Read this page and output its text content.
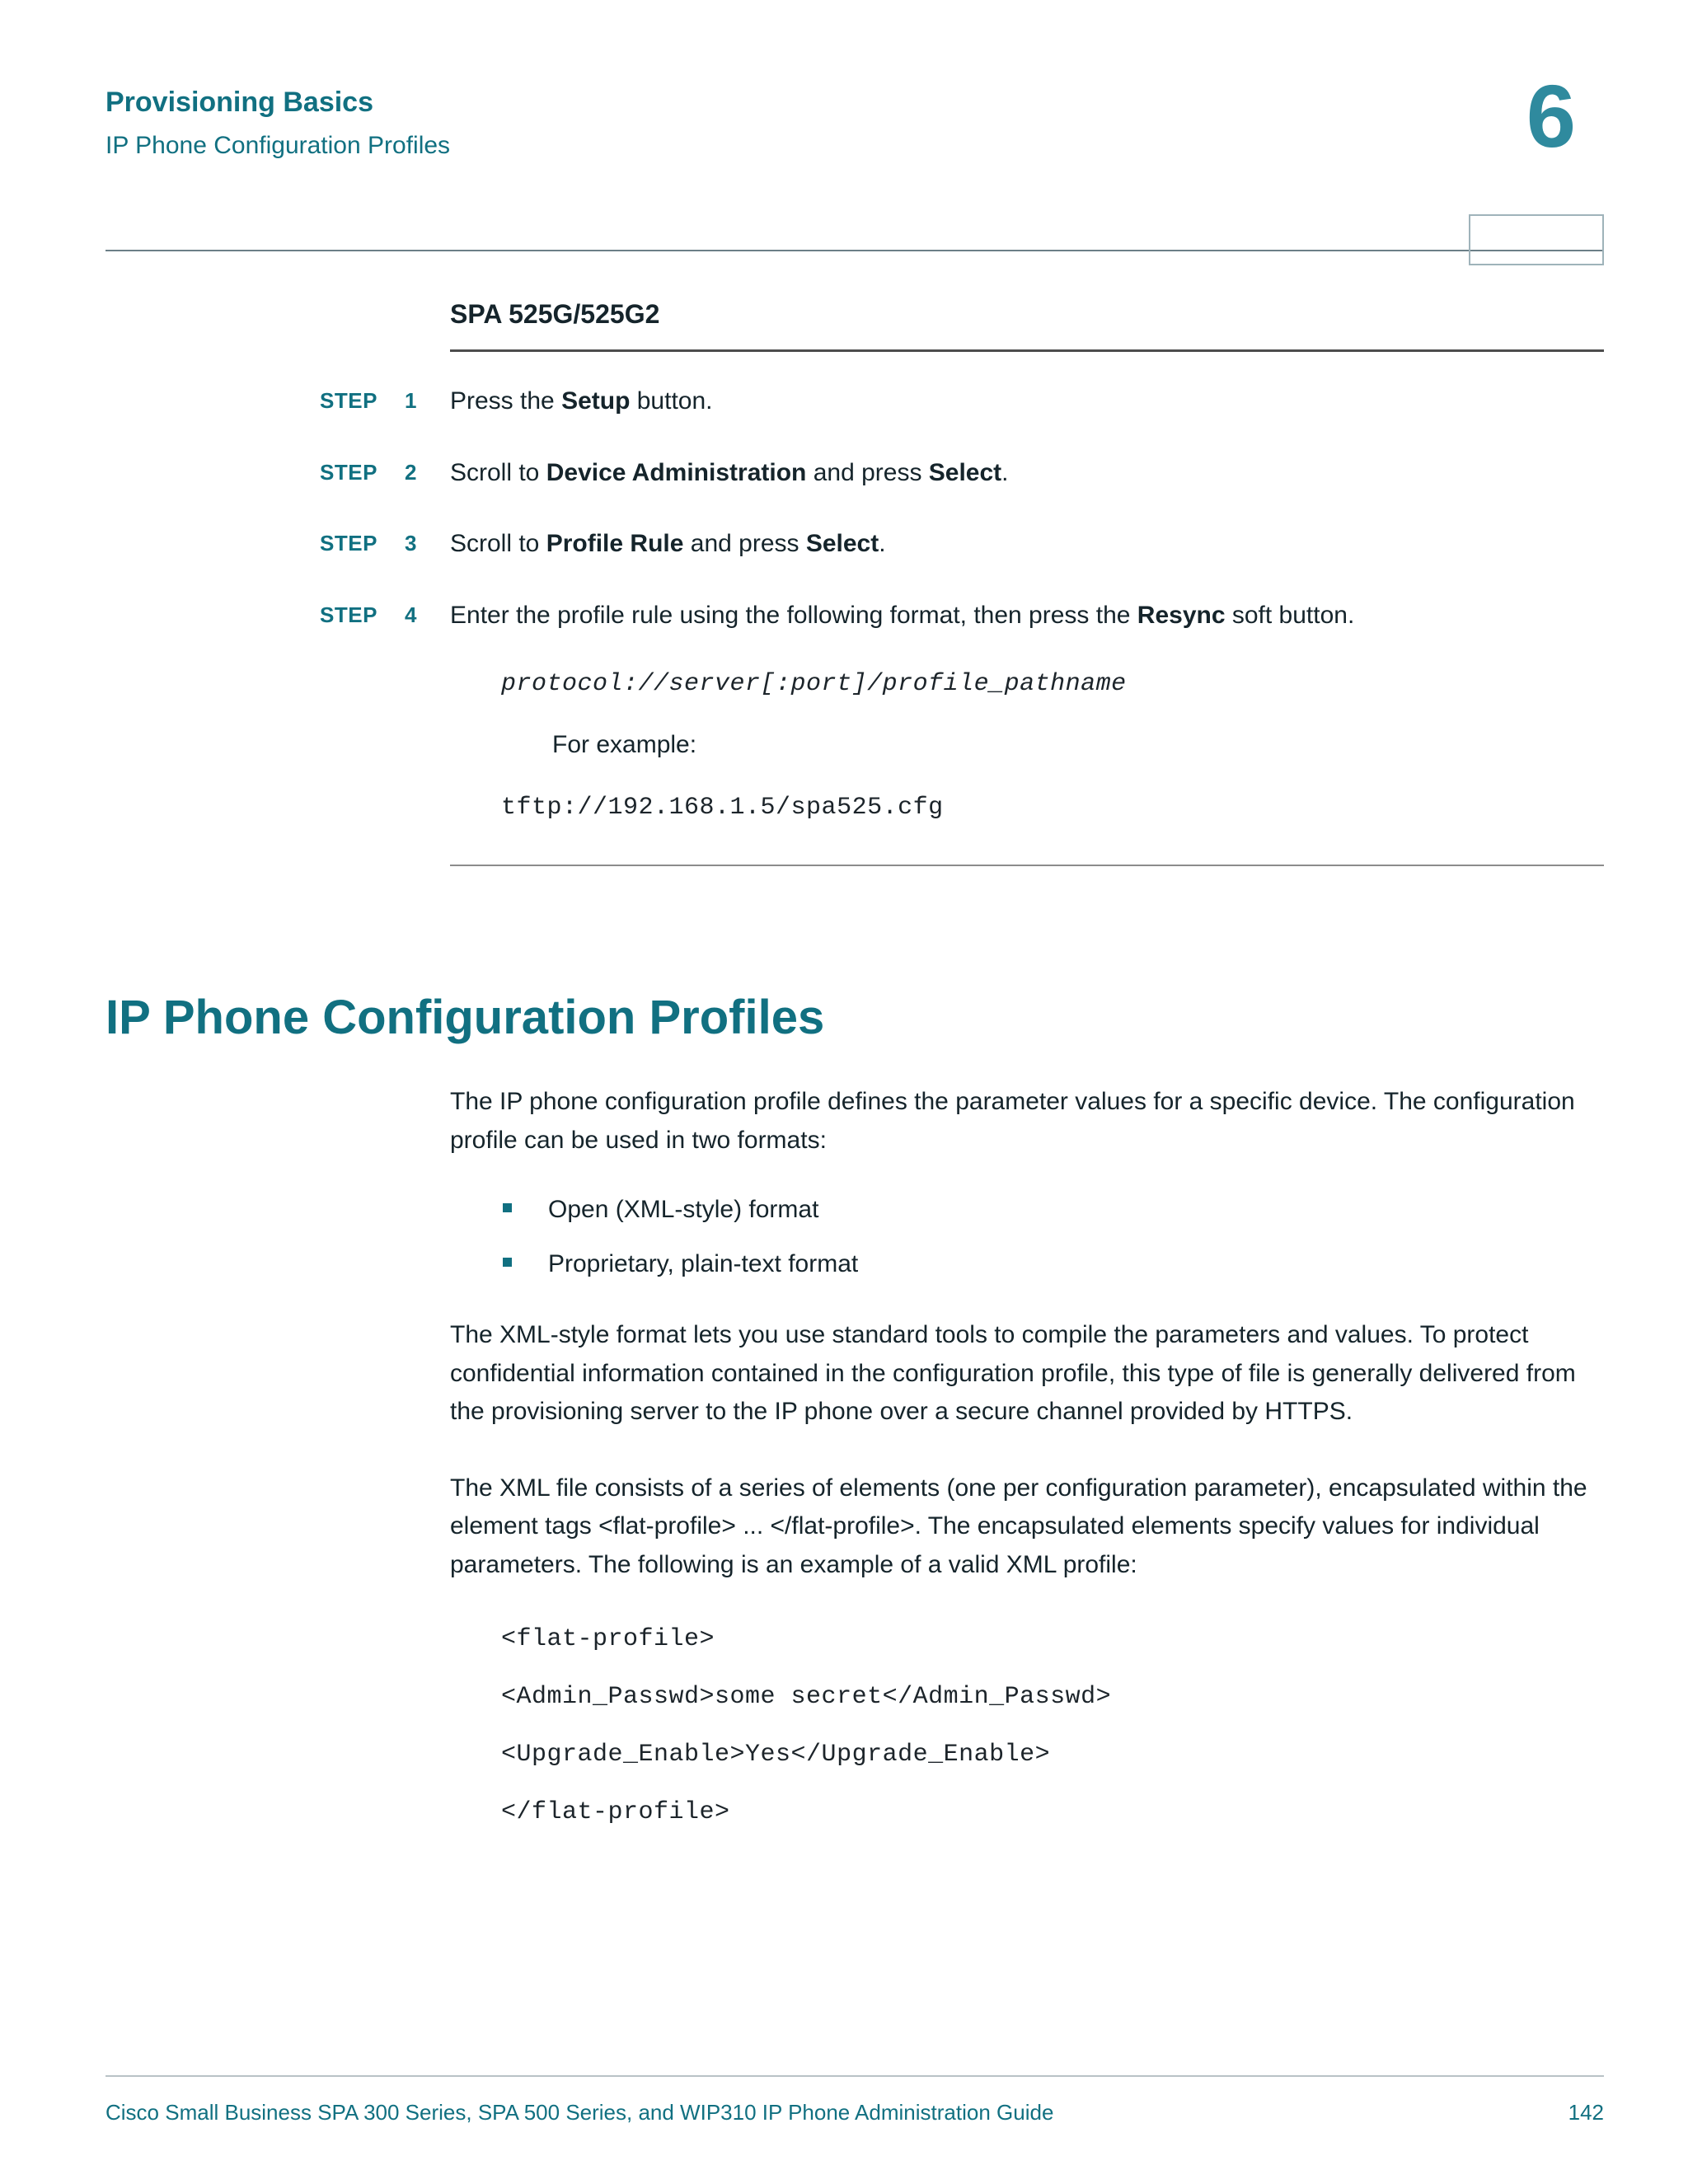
Provisioning Basics
IP Phone Configuration Profiles	6
SPA 525G/525G2
STEP 1 Press the Setup button.
STEP 2 Scroll to Device Administration and press Select.
STEP 3 Scroll to Profile Rule and press Select.
STEP 4 Enter the profile rule using the following format, then press the Resync soft button.
protocol://server[:port]/profile_pathname
For example:
tftp://192.168.1.5/spa525.cfg
IP Phone Configuration Profiles

The IP phone configuration profile defines the parameter values for a specific device. The configuration profile can be used in two formats:

Open (XML-style) format
Proprietary, plain-text format

The XML-style format lets you use standard tools to compile the parameters and values. To protect confidential information contained in the configuration profile, this type of file is generally delivered from the provisioning server to the IP phone over a secure channel provided by HTTPS.

The XML file consists of a series of elements (one per configuration parameter), encapsulated within the element tags <flat-profile> ... </flat-profile>. The encapsulated elements specify values for individual parameters. The following is an example of a valid XML profile:

<flat-profile>
<Admin_Passwd>some secret</Admin_Passwd>
<Upgrade_Enable>Yes</Upgrade_Enable>
</flat-profile>
Cisco Small Business SPA 300 Series, SPA 500 Series, and WIP310 IP Phone Administration Guide	142
